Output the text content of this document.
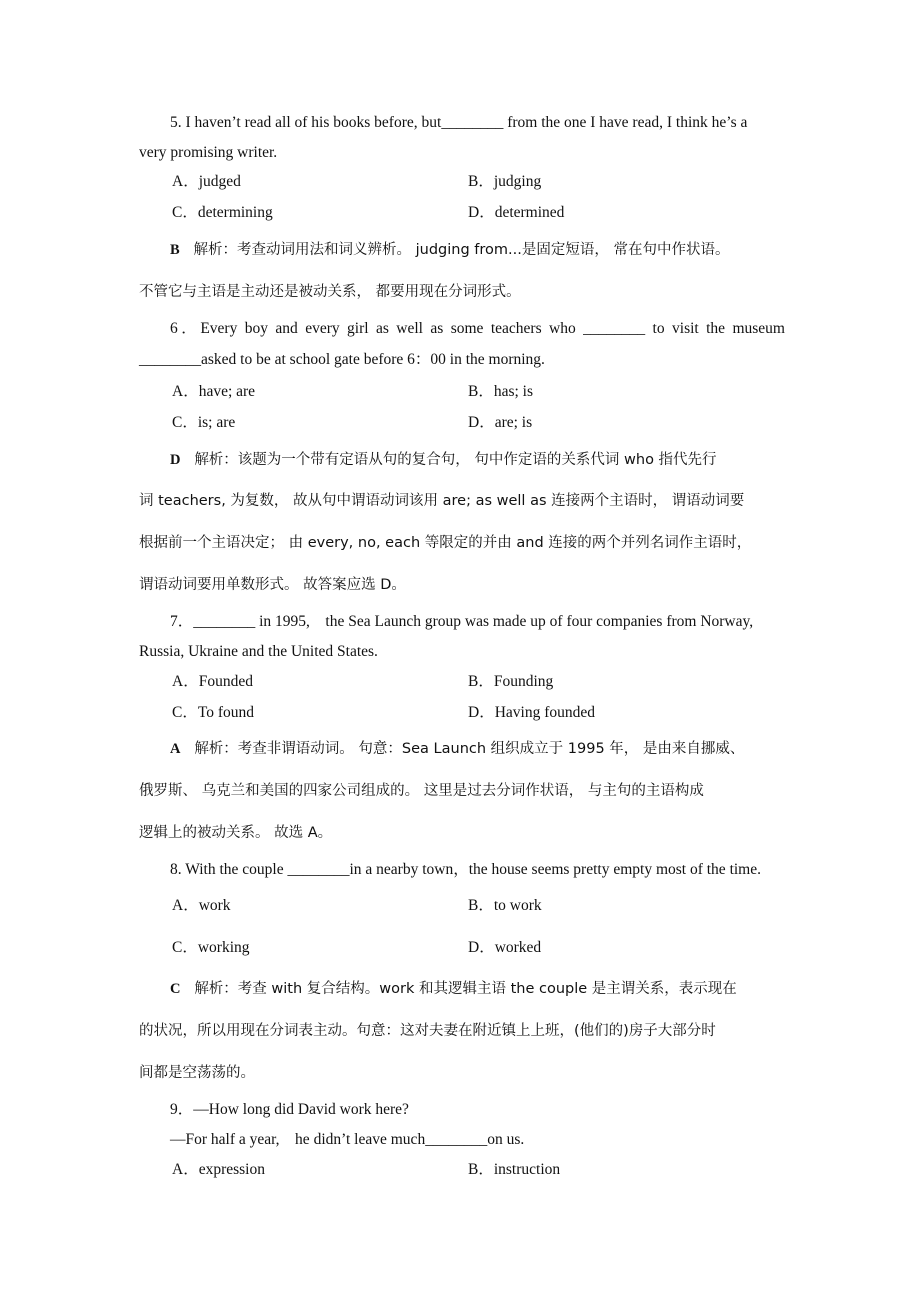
5. I haven’t read all of his books before, but________ from the one I have read, I think he’s a
very promising writer.
A．judged	B．judging
C．determining	D．determined
B 解析：考查动词用法和词义辨析。 judging from...是固定短语， 常在句中作状语。
不管它与主语是主动还是被动关系， 都要用现在分词形式。
6．Every boy and every girl as well as some teachers who ________ to visit the museum
________asked to be at school gate before 6：00 in the morning.
A．have; are	B．has; is
C．is; are	D．are; is
D 解析：该题为一个带有定语从句的复合句， 句中作定语的关系代词 who 指代先行
词 teachers, 为复数， 故从句中谓语动词该用 are; as well as 连接两个主语时， 谓语动词要
根据前一个主语决定； 由 every, no, each 等限定的并由 and 连接的两个并列名词作主语时，
谓语动词要用单数形式。 故答案应选 D。
7．________ in 1995,　the Sea Launch group was made up of four companies from Norway,
Russia, Ukraine and the United States.
A．Founded	B．Founding
C．To found	D．Having founded
A 解析：考查非谓语动词。 句意：Sea Launch 组织成立于 1995 年， 是由来自挪威、
俄罗斯、 乌克兰和美国的四家公司组成的。 这里是过去分词作状语， 与主句的主语构成
逻辑上的被动关系。 故选 A。
8. With the couple ________in a nearby town，the house seems pretty empty most of the time.
A．work	B．to work
C．working	D．worked
C 解析：考查 with 复合结构。work 和其逻辑主语 the couple 是主谓关系，表示现在
的状况，所以用现在分词表主动。句意：这对夫妻在附近镇上上班，(他们的)房子大部分时
间都是空荡荡的。
9．—How long did David work here?
—For half a year,　he didn’t leave much________on us.
A．expression	B．instruction
